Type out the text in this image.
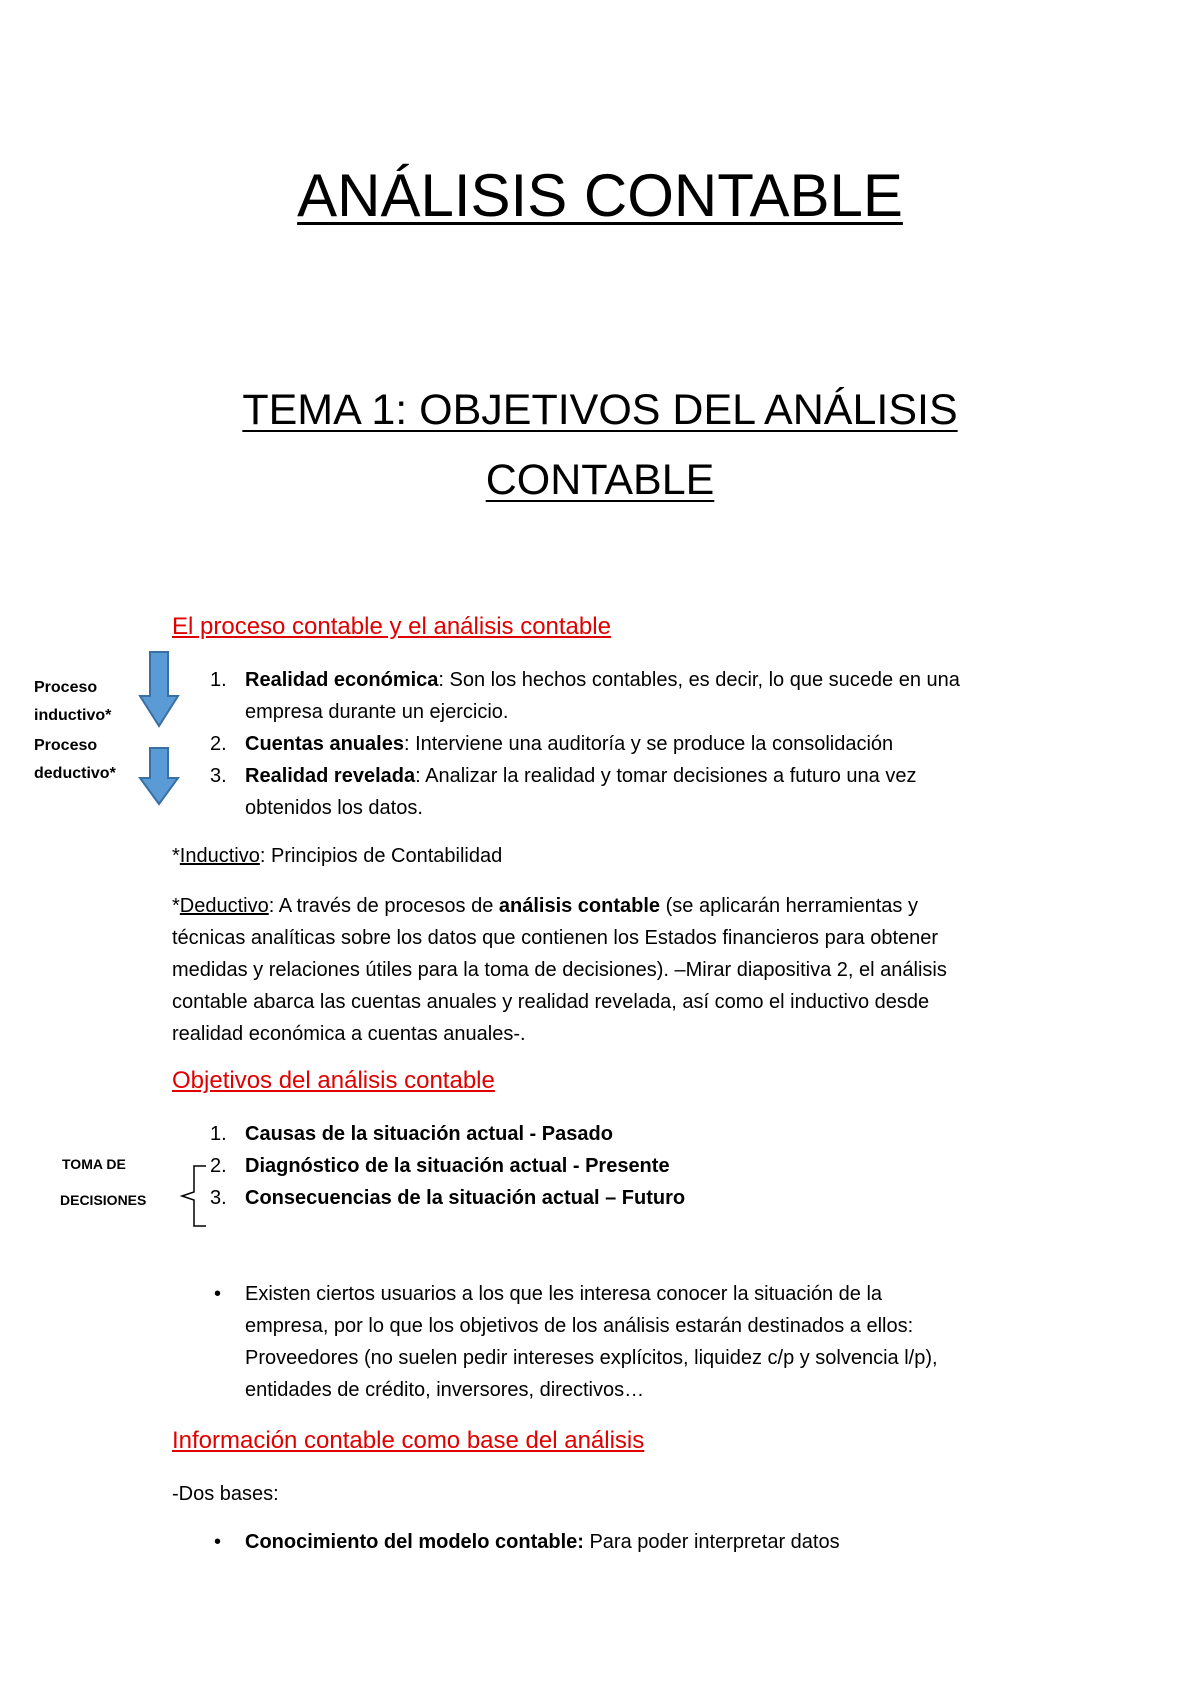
ANÁLISIS CONTABLE
TEMA 1: OBJETIVOS DEL ANÁLISIS
CONTABLE
El proceso contable y el análisis contable
Proceso
inductivo*
Proceso
deductivo*
1. Realidad económica: Son los hechos contables, es decir, lo que sucede en una
empresa durante un ejercicio.
2. Cuentas anuales: Interviene una auditoría y se produce la consolidación
3. Realidad revelada: Analizar la realidad y tomar decisiones a futuro una vez
obtenidos los datos.

*Inductivo: Principios de Contabilidad

*Deductivo: A través de procesos de análisis contable (se aplicarán herramientas y
técnicas analíticas sobre los datos que contienen los Estados financieros para obtener
medidas y relaciones útiles para la toma de decisiones). –Mirar diapositiva 2, el análisis
contable abarca las cuentas anuales y realidad revelada, así como el inductivo desde
realidad económica a cuentas anuales-.

Objetivos del análisis contable
TOMA DE
DECISIONES
1. Causas de la situación actual - Pasado
2. Diagnóstico de la situación actual - Presente
3. Consecuencias de la situación actual – Futuro
• Existen ciertos usuarios a los que les interesa conocer la situación de la
empresa, por lo que los objetivos de los análisis estarán destinados a ellos:
Proveedores (no suelen pedir intereses explícitos, liquidez c/p y solvencia l/p),
entidades de crédito, inversores, directivos…
Información contable como base del análisis

-Dos bases:

• Conocimiento del modelo contable: Para poder interpretar datos
